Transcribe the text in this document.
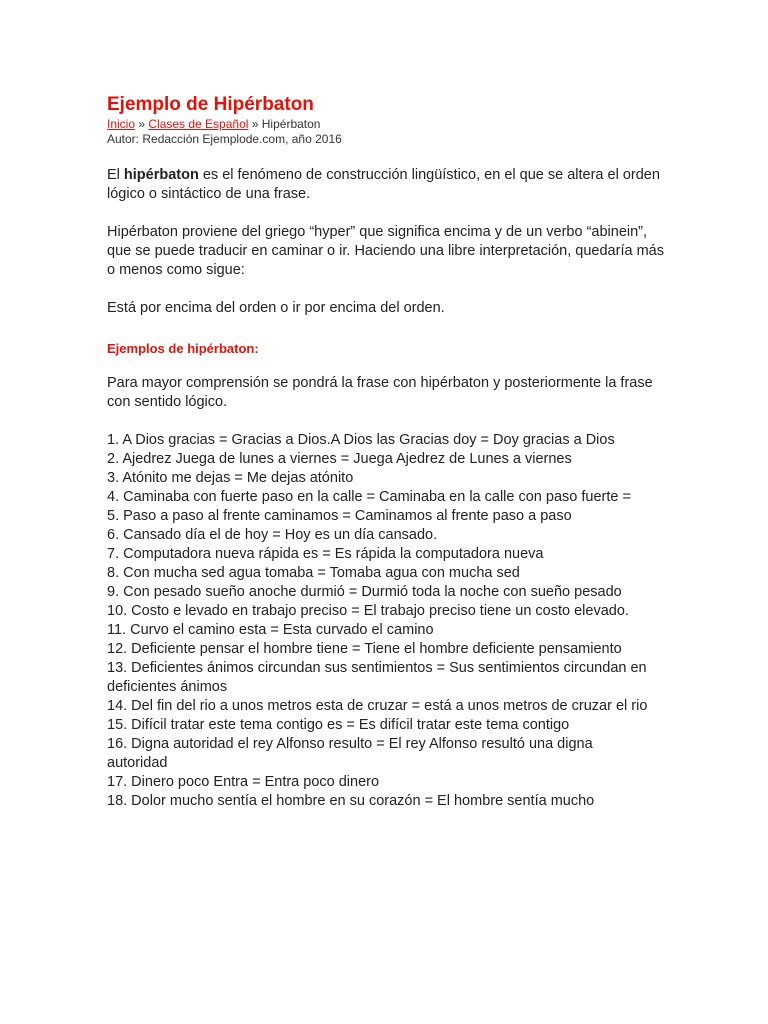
Ejemplo de Hipérbaton
Inicio » Clases de Español » Hipérbaton
Autor: Redacción Ejemplode.com, año 2016

El hipérbaton es el fenómeno de construcción lingüístico, en el que se altera el orden lógico o sintáctico de una frase.

Hipérbaton proviene del griego “hyper” que significa encima y de un verbo “abinein”, que se puede traducir en caminar o ir. Haciendo una libre interpretación, quedaría más o menos como sigue:

Está por encima del orden o ir por encima del orden.

Ejemplos de hipérbaton:

Para mayor comprensión se pondrá la frase con hipérbaton y posteriormente la frase con sentido lógico.

1. A Dios gracias = Gracias a Dios.A Dios las Gracias doy = Doy gracias a Dios
2. Ajedrez Juega de lunes a viernes = Juega Ajedrez de Lunes a viernes
3. Atónito me dejas = Me dejas atónito
4. Caminaba con fuerte paso en la calle = Caminaba en la calle con paso fuerte =
5. Paso a paso al frente caminamos = Caminamos al frente paso a paso
6. Cansado día el de hoy = Hoy es un día cansado.
7. Computadora nueva rápida es = Es rápida la computadora nueva
8. Con mucha sed agua tomaba = Tomaba agua con mucha sed
9. Con pesado sueño anoche durmió = Durmió toda la noche con sueño pesado
10. Costo e levado en trabajo preciso = El trabajo preciso tiene un costo elevado.
11. Curvo el camino esta = Esta curvado el camino
12. Deficiente pensar el hombre tiene = Tiene el hombre deficiente pensamiento
13. Deficientes ánimos circundan sus sentimientos = Sus sentimientos circundan en deficientes ánimos
14. Del fin del rio a unos metros esta de cruzar = está a unos metros de cruzar el rio
15. Difícil tratar este tema contigo es = Es difícil tratar este tema contigo
16. Digna autoridad el rey Alfonso resulto = El rey Alfonso resultó una digna autoridad
17. Dinero poco Entra = Entra poco dinero
18. Dolor mucho sentía el hombre en su corazón = El hombre sentía mucho
